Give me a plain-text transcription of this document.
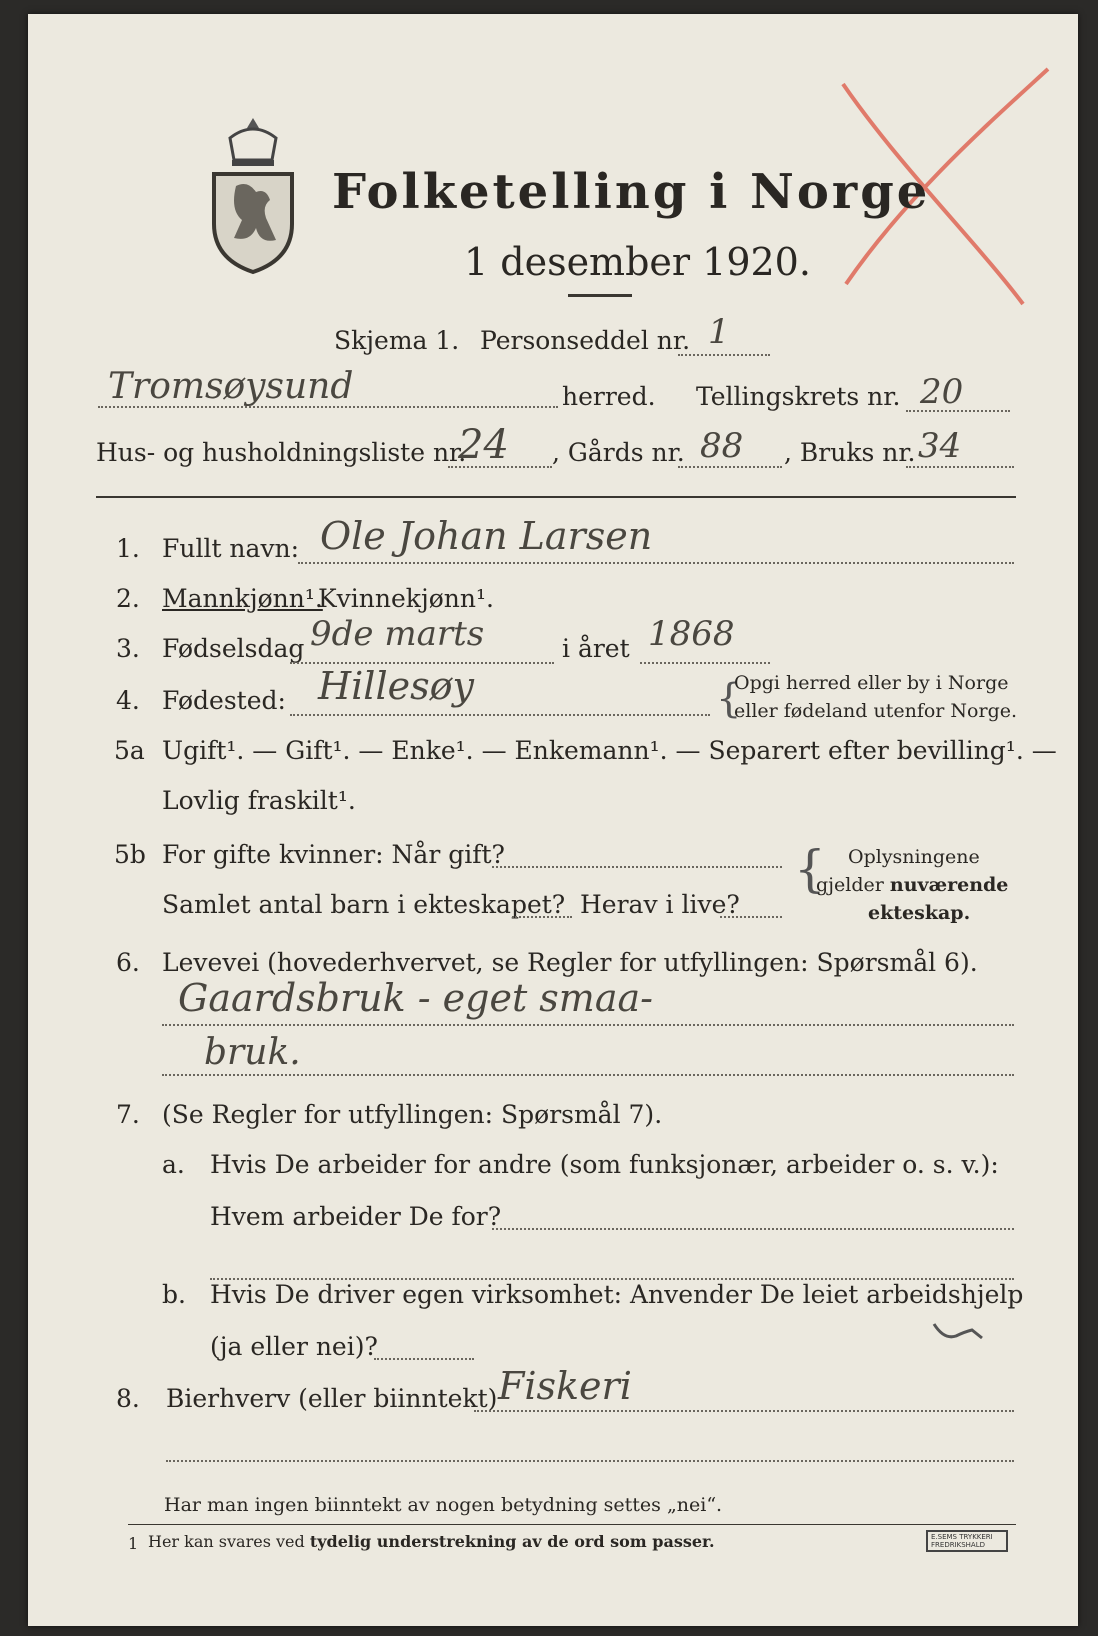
Folketelling i Norge
1 desember 1920.
Skjema 1. Personseddel nr. 1
Tromsøysund	herred. Tellingskrets nr. 20
Hus- og husholdningsliste nr.
24 , Gårds nr. 88 , Bruks nr. 34
1. Fullt navn: Ole Johan Larsen
2. Mannkjønn¹.
Kvinnekjønn¹.
3. Fødselsdag 9de marts	i året 1868
4. Fødested: Hillesøy	{
Opgi herred eller by i Norge
eller fødeland utenfor Norge.
5a Ugift¹. — Gift¹. — Enke¹. — Enkemann¹. — Separert efter bevilling¹. —
Lovlig fraskilt¹.
5b For gifte kvinner: Når gift?
Samlet antal barn i ekteskapet? Herav i live?
{ Oplysningene
gjelder nuværende
ekteskap.
6. Levevei (hovederhvervet, se Regler for utfyllingen: Spørsmål 6).
Gaardsbruk - eget smaa-
bruk.
7. (Se Regler for utfyllingen: Spørsmål 7).
a. Hvis De arbeider for andre (som funksjonær, arbeider o. s. v.):
Hvem arbeider De for?
b. Hvis De driver egen virksomhet: Anvender De leiet arbeidshjelp
(ja eller nei)?
8. Bierhverv (eller biinntekt) Fiskeri
Har man ingen biinntekt av nogen betydning settes „nei“.
1 Her kan svares ved tydelig understrekning av de ord som passer.	E.SEMS TRYKKERI FREDRIKSHALD
